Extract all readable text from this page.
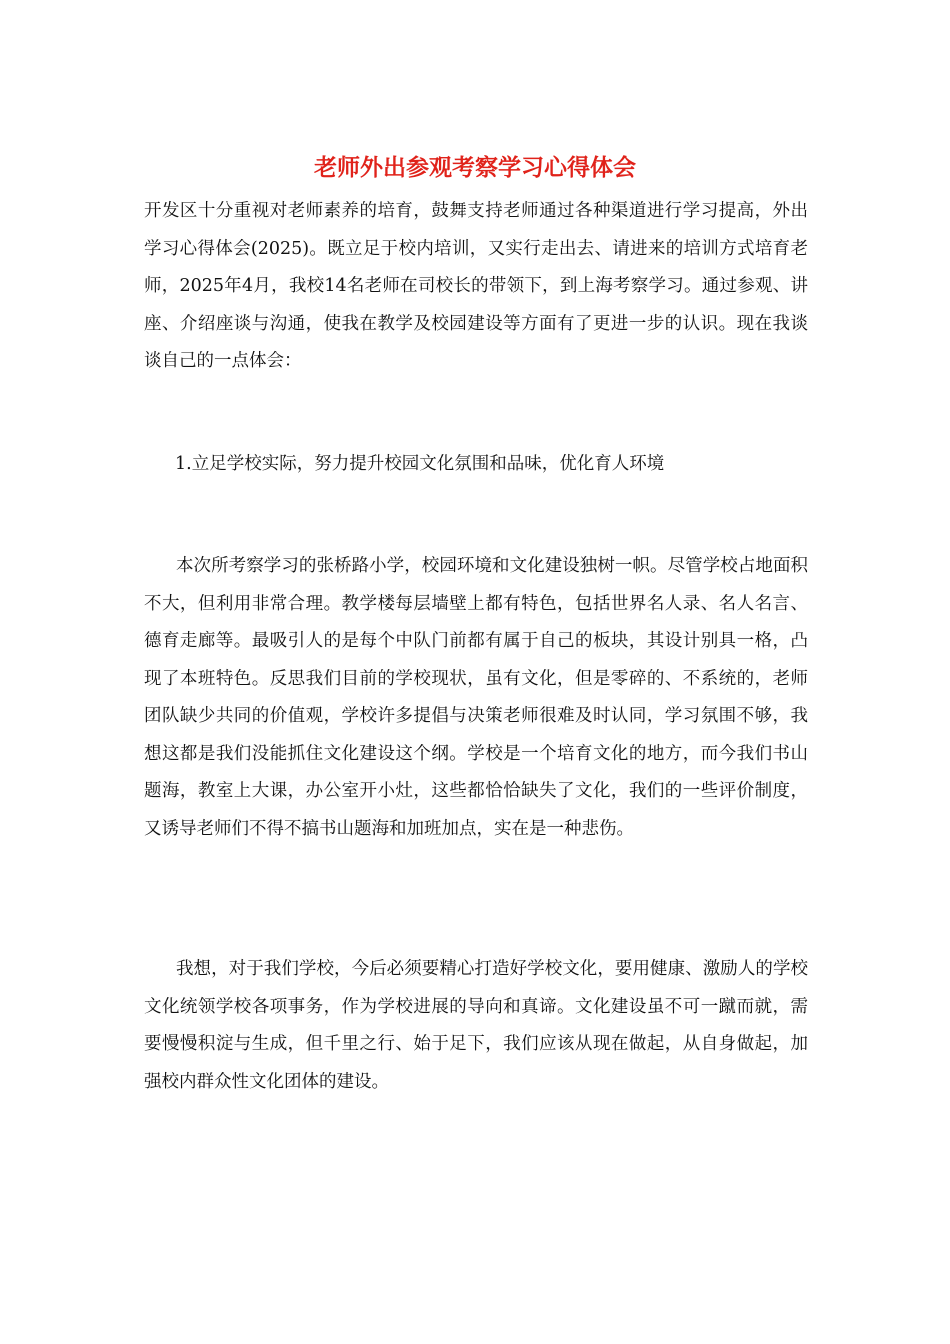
老师外出参观考察学习心得体会
开发区十分重视对老师素养的培育，鼓舞支持老师通过各种渠道进行学习提高，外出学习心得体会(2025)。既立足于校内培训，又实行走出去、请进来的培训方式培育老师，2025年4月，我校14名老师在司校长的带领下，到上海考察学习。通过参观、讲座、介绍座谈与沟通，使我在教学及校园建设等方面有了更进一步的认识。现在我谈谈自己的一点体会：
1.立足学校实际，努力提升校园文化氛围和品味，优化育人环境
本次所考察学习的张桥路小学，校园环境和文化建设独树一帜。尽管学校占地面积不大，但利用非常合理。教学楼每层墙壁上都有特色，包括世界名人录、名人名言、德育走廊等。最吸引人的是每个中队门前都有属于自己的板块，其设计别具一格，凸现了本班特色。反思我们目前的学校现状，虽有文化，但是零碎的、不系统的，老师团队缺少共同的价值观，学校许多提倡与决策老师很难及时认同，学习氛围不够，我想这都是我们没能抓住文化建设这个纲。学校是一个培育文化的地方，而今我们书山题海，教室上大课，办公室开小灶，这些都恰恰缺失了文化，我们的一些评价制度，又诱导老师们不得不搞书山题海和加班加点，实在是一种悲伤。
我想，对于我们学校，今后必须要精心打造好学校文化，要用健康、激励人的学校文化统领学校各项事务，作为学校进展的导向和真谛。文化建设虽不可一蹴而就，需要慢慢积淀与生成，但千里之行、始于足下，我们应该从现在做起，从自身做起，加强校内群众性文化团体的建设。
